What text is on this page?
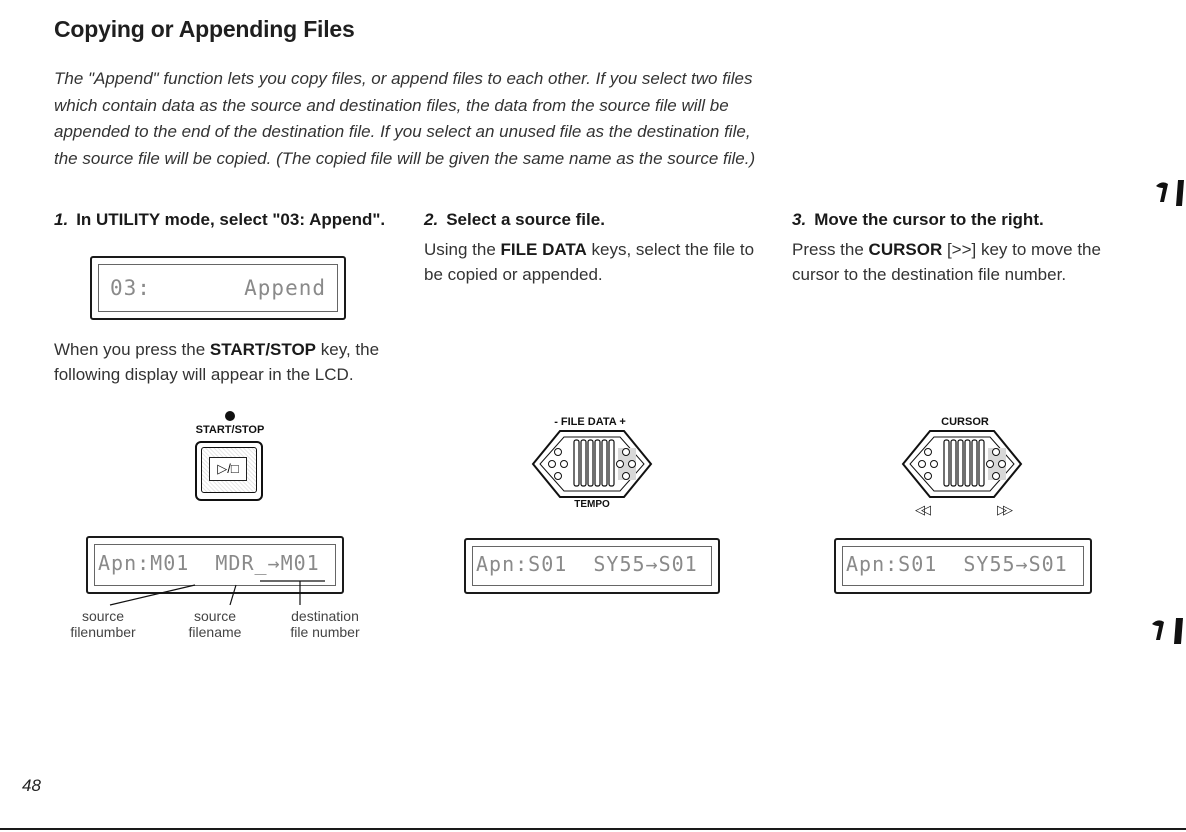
Copying or Appending Files

The "Append" function lets you copy files, or append files to each other. If you select two files which contain data as the source and destination files, the data from the source file will be appended to the end of the destination file. If you select an unused file as the destination file, the source file will be copied. (The copied file will be given the same name as the source file.)

1. In UTILITY mode, select "03: Append".
03:	Append

When you press the START/STOP key, the following display will appear in the LCD.

START/STOP
▷/□
Apn:M01  MDR_→M01
source
filenumber
source
filename
destination
file number
2. Select a source file.

Using the FILE DATA keys, select the file to be copied or appended.

- FILE DATA +
TEMPO
Apn:S01  SY55→S01
3. Move the cursor to the right.

Press the CURSOR [>>] key to move the cursor to the destination file number.

CURSOR
◁◁	▷▷
Apn:S01  SY55→S01
48
